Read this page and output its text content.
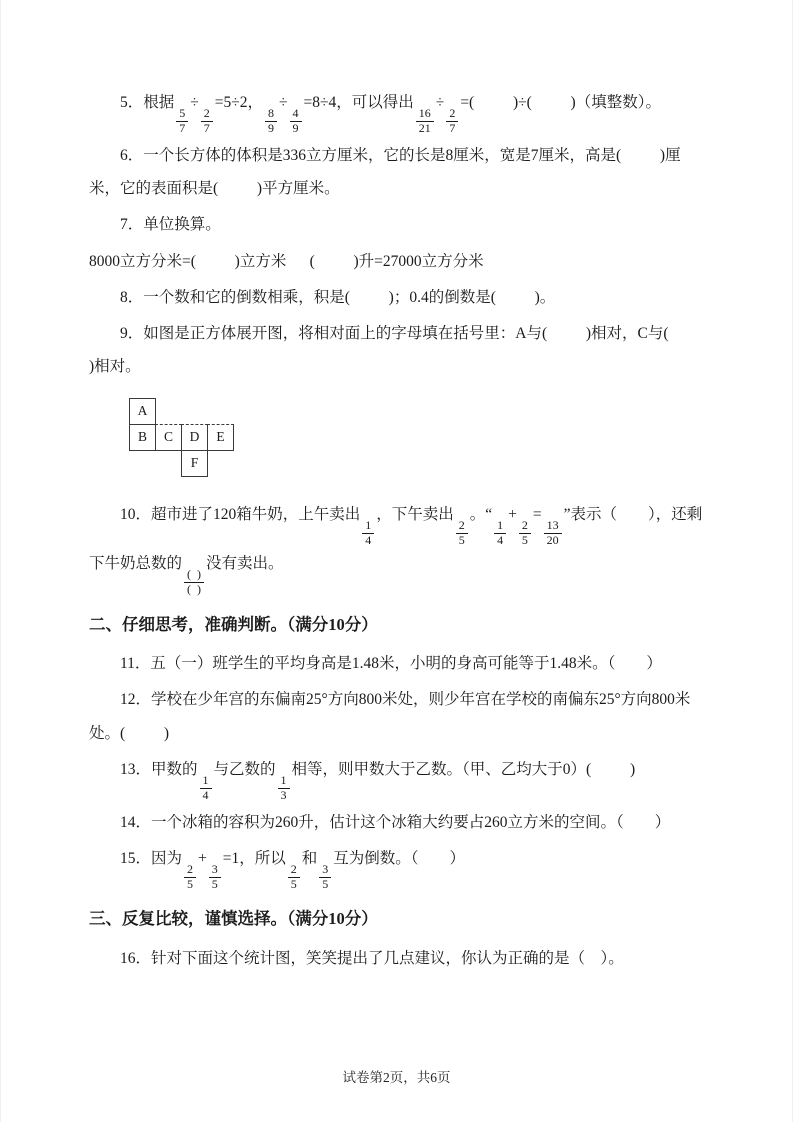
5．根据
$\frac{5}{7}$
÷
$\frac{2}{7}$
=5÷2，
$\frac{8}{9}$
÷
$\frac{4}{9}$
=8÷4，可以得出
$\frac{16}{21}$
÷
$\frac{2}{7}$
=(          )÷(          )（填整数）。
6．一个长方体的体积是336立方厘米，它的长是8厘米，宽是7厘米，高是(          )厘米，它的表面积是(          )平方厘米。
7．单位换算。
8000立方分米=(          )立方米      (          )升=27000立方分米
8．一个数和它的倒数相乘，积是(          )；0.4的倒数是(          )。
9．如图是正方体展开图，将相对面上的字母填在括号里：A与(          )相对，C与(          )相对。
A
B	C	D	E
F
10．超市进了120箱牛奶，上午卖出
$\frac{1}{4}$
，下午卖出
$\frac{2}{5}$
。“
$\frac{1}{4}$
+
$\frac{2}{5}$
=
$\frac{13}{20}$
”表示（        ），还剩下牛奶总数的
$\frac{( )}{( )}$
没有卖出。
二、仔细思考，准确判断。（满分10分）
11．五（一）班学生的平均身高是1.48米，小明的身高可能等于1.48米。（        ）
12．学校在少年宫的东偏南25°方向800米处，则少年宫在学校的南偏东25°方向800米处。(          )
13．甲数的
$\frac{1}{4}$
与乙数的
$\frac{1}{3}$
相等，则甲数大于乙数。（甲、乙均大于0）(          )
14．一个冰箱的容积为260升，估计这个冰箱大约要占260立方米的空间。（        ）
15．因为
$\frac{2}{5}$
+
$\frac{3}{5}$
=1，所以
$\frac{2}{5}$
和
$\frac{3}{5}$
互为倒数。（        ）
三、反复比较，谨慎选择。（满分10分）
16．针对下面这个统计图，笑笑提出了几点建议，你认为正确的是（    ）。
试卷第2页，共6页
